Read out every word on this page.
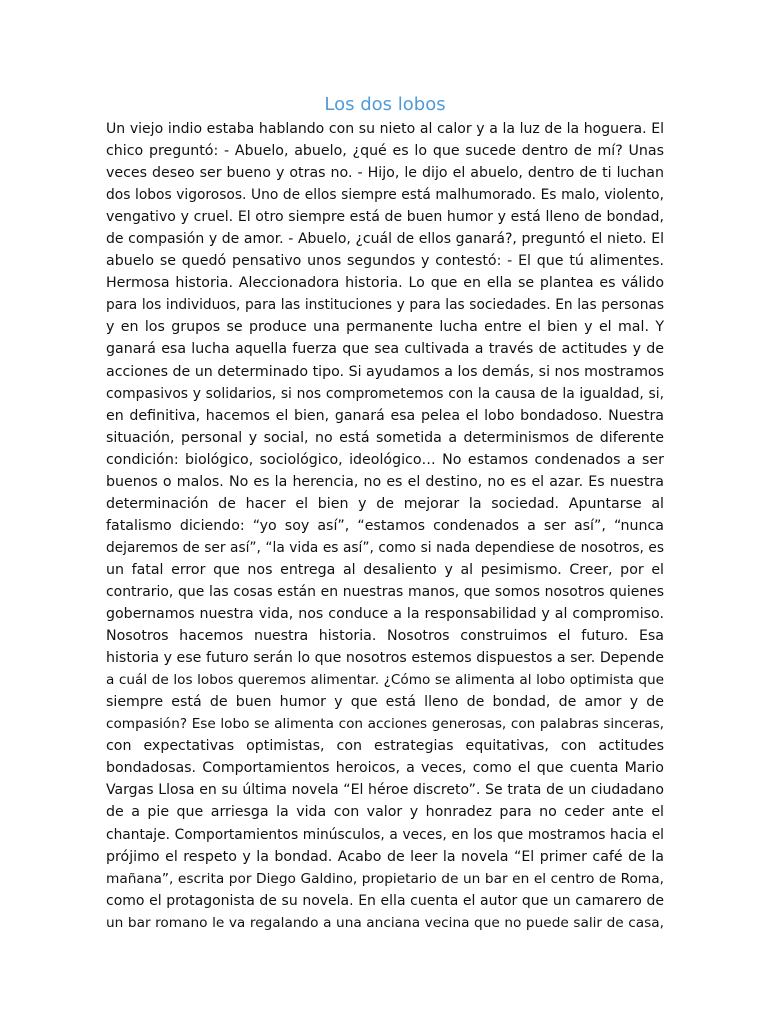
Los dos lobos
Un viejo indio estaba hablando con su nieto al calor y a la luz de la hoguera. El
chico preguntó: - Abuelo, abuelo, ¿qué es lo que sucede dentro de mí? Unas
veces deseo ser bueno y otras no. - Hijo, le dijo el abuelo, dentro de ti luchan
dos lobos vigorosos. Uno de ellos siempre está malhumorado. Es malo, violento,
vengativo y cruel. El otro siempre está de buen humor y está lleno de bondad,
de compasión y de amor. - Abuelo, ¿cuál de ellos ganará?, preguntó el nieto. El
abuelo se quedó pensativo unos segundos y contestó: - El que tú alimentes.
Hermosa historia. Aleccionadora historia. Lo que en ella se plantea es válido
para los individuos, para las instituciones y para las sociedades. En las personas
y en los grupos se produce una permanente lucha entre el bien y el mal. Y
ganará esa lucha aquella fuerza que sea cultivada a través de actitudes y de
acciones de un determinado tipo. Si ayudamos a los demás, si nos mostramos
compasivos y solidarios, si nos comprometemos con la causa de la igualdad, si,
en definitiva, hacemos el bien, ganará esa pelea el lobo bondadoso. Nuestra
situación, personal y social, no está sometida a determinismos de diferente
condición: biológico, sociológico, ideológico… No estamos condenados a ser
buenos o malos. No es la herencia, no es el destino, no es el azar. Es nuestra
determinación de hacer el bien y de mejorar la sociedad. Apuntarse al
fatalismo diciendo: “yo soy así”, “estamos condenados a ser así”, “nunca
dejaremos de ser así”, “la vida es así”, como si nada dependiese de nosotros, es
un fatal error que nos entrega al desaliento y al pesimismo. Creer, por el
contrario, que las cosas están en nuestras manos, que somos nosotros quienes
gobernamos nuestra vida, nos conduce a la responsabilidad y al compromiso.
Nosotros hacemos nuestra historia. Nosotros construimos el futuro. Esa
historia y ese futuro serán lo que nosotros estemos dispuestos a ser. Depende
a cuál de los lobos queremos alimentar. ¿Cómo se alimenta al lobo optimista que
siempre está de buen humor y que está lleno de bondad, de amor y de
compasión? Ese lobo se alimenta con acciones generosas, con palabras sinceras,
con expectativas optimistas, con estrategias equitativas, con actitudes
bondadosas. Comportamientos heroicos, a veces, como el que cuenta Mario
Vargas Llosa en su última novela “El héroe discreto”. Se trata de un ciudadano
de a pie que arriesga la vida con valor y honradez para no ceder ante el
chantaje. Comportamientos minúsculos, a veces, en los que mostramos hacia el
prójimo el respeto y la bondad. Acabo de leer la novela “El primer café de la
mañana”, escrita por Diego Galdino, propietario de un bar en el centro de Roma,
como el protagonista de su novela. En ella cuenta el autor que un camarero de
un bar romano le va regalando a una anciana vecina que no puede salir de casa,
